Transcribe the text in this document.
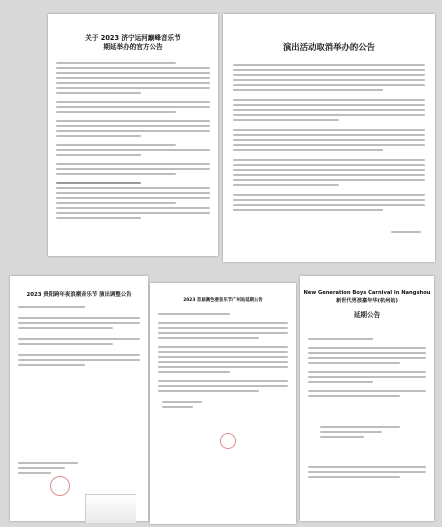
关于 2023 济宁运河巅峰音乐节
期延举办的官方公告	演出活动取消举办的公告
2023 贵阳跨年夜浪潮音乐节 演出调整公告
2023 首届潮色港音乐节广州站延期公告
New Generation Boys Carnival in Nangshou
新世代男孩嘉年华(杭州站)
延期公告
